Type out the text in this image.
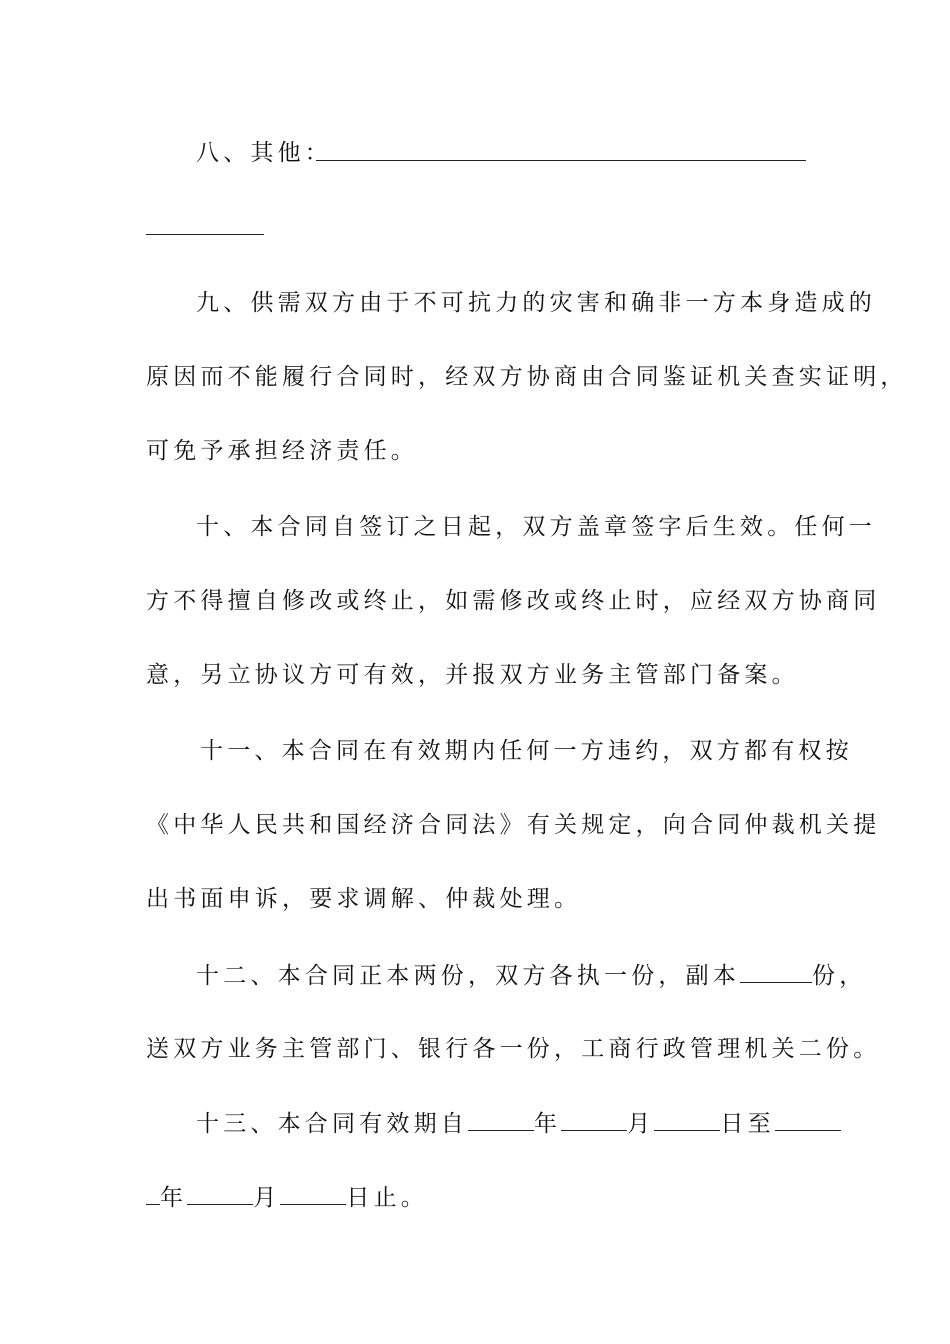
八、其他：
九、供需双方由于不可抗力的灾害和确非一方本身造成的
原因而不能履行合同时，经双方协商由合同鉴证机关查实证明，
可免予承担经济责任。
十、本合同自签订之日起，双方盖章签字后生效。任何一
方不得擅自修改或终止，如需修改或终止时，应经双方协商同
意，另立协议方可有效，并报双方业务主管部门备案。
十一、本合同在有效期内任何一方违约，双方都有权按
《中华人民共和国经济合同法》有关规定，向合同仲裁机关提
出书面申诉，要求调解、仲裁处理。
十二、本合同正本两份，双方各执一份，副本	份，
送双方业务主管部门、银行各一份，工商行政管理机关二份。
十三、本合同有效期自	年	月	日至
年	月	日止。
